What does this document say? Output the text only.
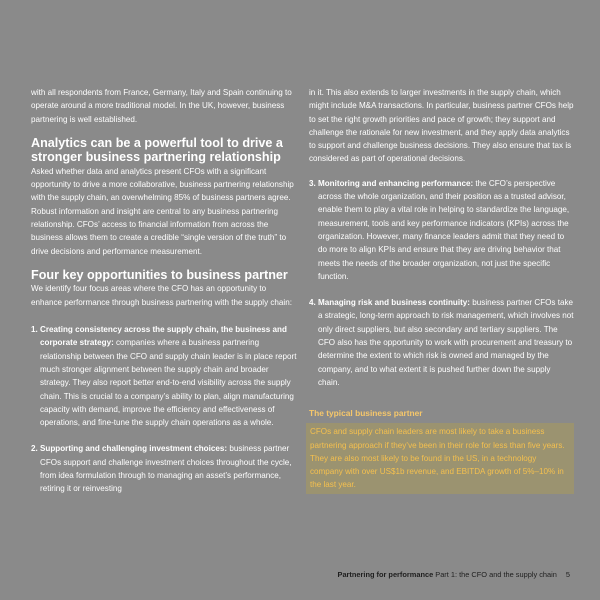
with all respondents from France, Germany, Italy and Spain continuing to operate around a more traditional model. In the UK, however, business partnering is well established.

Analytics can be a powerful tool to drive a stronger business partnering relationship

Asked whether data and analytics present CFOs with a significant opportunity to drive a more collaborative, business partnering relationship with the supply chain, an overwhelming 85% of business partners agree. Robust information and insight are central to any business partnering relationship. CFOs’ access to financial information from across the business allows them to create a credible “single version of the truth” to drive decisions and performance measurement.

Four key opportunities to business partner

We identify four focus areas where the CFO has an opportunity to enhance performance through business partnering with the supply chain:

1. Creating consistency across the supply chain, the business and corporate strategy: companies where a business partnering relationship between the CFO and supply chain leader is in place report much stronger alignment between the supply chain and broader strategy. They also report better end-to-end visibility across the supply chain. This is crucial to a company’s ability to plan, align manufacturing capacity with demand, improve the efficiency and effectiveness of operations, and fine-tune the supply chain operations as a whole.
2. Supporting and challenging investment choices: business partner CFOs support and challenge investment choices throughout the cycle, from idea formulation through to managing an asset’s performance, retiring it or reinvesting

in it. This also extends to larger investments in the supply chain, which might include M&A transactions. In particular, business partner CFOs help to set the right growth priorities and pace of growth; they support and challenge the rationale for new investment, and they apply data analytics to support and challenge business decisions. They also ensure that tax is considered as part of operational decisions.

3. Monitoring and enhancing performance: the CFO’s perspective across the whole organization, and their position as a trusted advisor, enable them to play a vital role in helping to standardize the language, measurement, tools and key performance indicators (KPIs) across the organization. However, many finance leaders admit that they need to do more to align KPIs and ensure that they are driving behavior that meets the needs of the broader organization, not just the specific function.
4. Managing risk and business continuity: business partner CFOs take a strategic, long-term approach to risk management, which involves not only direct suppliers, but also secondary and tertiary suppliers. The CFO also has the opportunity to work with procurement and treasury to determine the extent to which risk is owned and managed by the company, and to what extent it is pushed further down the supply chain.
The typical business partner
CFOs and supply chain leaders are most likely to take a business partnering approach if they’ve been in their role for less than five years. They are also most likely to be found in the US, in a technology company with over US$1b revenue, and EBITDA growth of 5%–10% in the last year.
Partnering for performance Part 1: the CFO and the supply chain 5
